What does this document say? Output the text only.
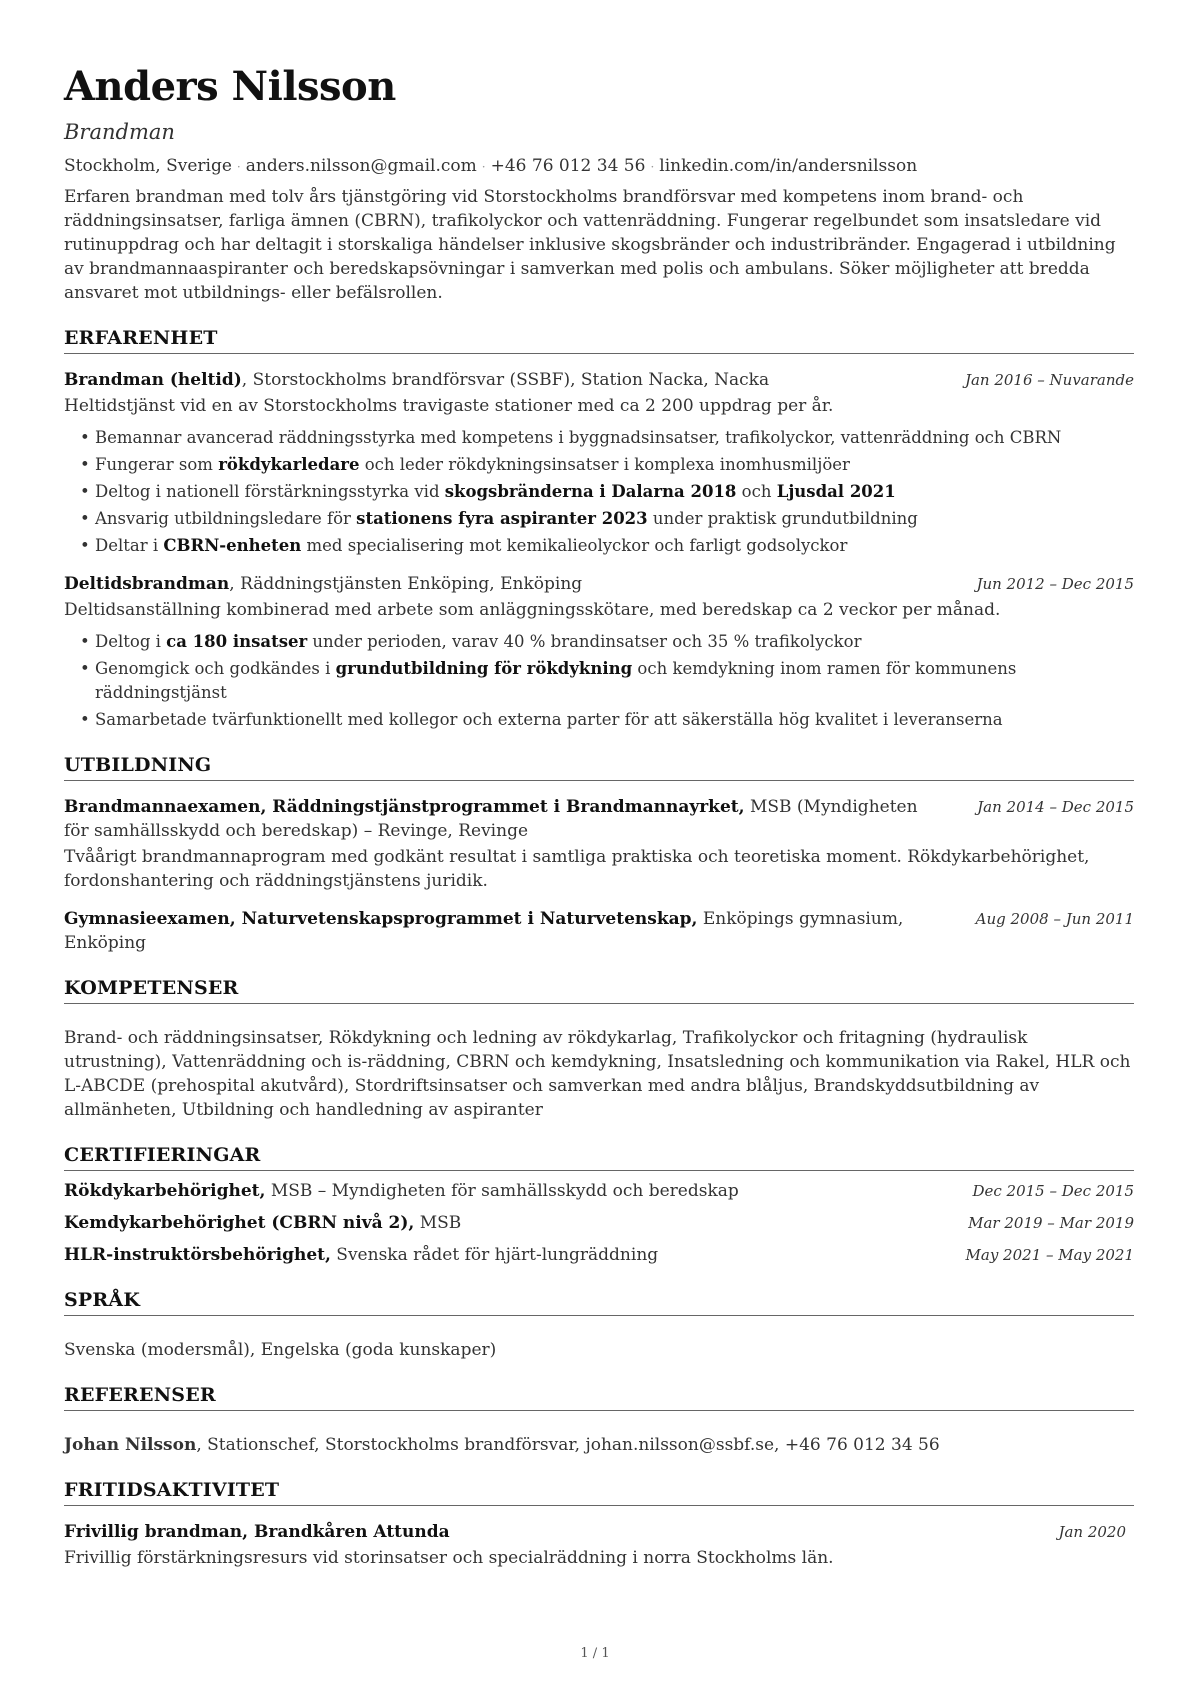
Anders Nilsson
Brandman
Stockholm, Sverige · anders.nilsson@gmail.com · +46 76 012 34 56 · linkedin.com/in/andersnilsson
Erfaren brandman med tolv års tjänstgöring vid Storstockholms brandförsvar med kompetens inom brand- och räddningsinsatser, farliga ämnen (CBRN), trafikolyckor och vattenräddning. Fungerar regelbundet som insatsledare vid rutinuppdrag och har deltagit i storskaliga händelser inklusive skogsbränder och industribränder. Engagerad i utbildning av brandmannaaspiranter och beredskapsövningar i samverkan med polis och ambulans. Söker möjligheter att bredda ansvaret mot utbildnings- eller befälsrollen.
ERFARENHET
Brandman (heltid), Storstockholms brandförsvar (SSBF), Station Nacka, Nacka	Jan 2016 – Nuvarande
Heltidstjänst vid en av Storstockholms travigaste stationer med ca 2 200 uppdrag per år.
• Bemannar avancerad räddningsstyrka med kompetens i byggnadsinsatser, trafikolyckor, vattenräddning och CBRN
• Fungerar som rökdykarledare och leder rökdykningsinsatser i komplexa inomhusmiljöer
• Deltog i nationell förstärkningsstyrka vid skogsbränderna i Dalarna 2018 och Ljusdal 2021
• Ansvarig utbildningsledare för stationens fyra aspiranter 2023 under praktisk grundutbildning
• Deltar i CBRN-enheten med specialisering mot kemikalieolyckor och farligt godsolyckor
Deltidsbrandman, Räddningstjänsten Enköping, Enköping	Jun 2012 – Dec 2015
Deltidsanställning kombinerad med arbete som anläggningsskötare, med beredskap ca 2 veckor per månad.
• Deltog i ca 180 insatser under perioden, varav 40 % brandinsatser och 35 % trafikolyckor
• Genomgick och godkändes i grundutbildning för rökdykning och kemdykning inom ramen för kommunens räddningstjänst
• Samarbetade tvärfunktionellt med kollegor och externa parter för att säkerställa hög kvalitet i leveranserna
UTBILDNING
Brandmannaexamen, Räddningstjänstprogrammet i Brandmannayrket, MSB (Myndigheten för samhällsskydd och beredskap) – Revinge, Revinge
Jan 2014 – Dec 2015
Tvåårigt brandmannaprogram med godkänt resultat i samtliga praktiska och teoretiska moment. Rökdykarbehörighet, fordonshantering och räddningstjänstens juridik.
Gymnasieexamen, Naturvetenskapsprogrammet i Naturvetenskap, Enköpings gymnasium, Enköping
Aug 2008 – Jun 2011
KOMPETENSER
Brand- och räddningsinsatser, Rökdykning och ledning av rökdykarlag, Trafikolyckor och fritagning (hydraulisk utrustning), Vattenräddning och is-räddning, CBRN och kemdykning, Insatsledning och kommunikation via Rakel, HLR och L-ABCDE (prehospital akutvård), Stordriftsinsatser och samverkan med andra blåljus, Brandskyddsutbildning av allmänheten, Utbildning och handledning av aspiranter
CERTIFIERINGAR
Rökdykarbehörighet, MSB – Myndigheten för samhällsskydd och beredskap	Dec 2015 – Dec 2015
Kemdykarbehörighet (CBRN nivå 2), MSB	Mar 2019 – Mar 2019
HLR-instruktörsbehörighet, Svenska rådet för hjärt-lungräddning	May 2021 – May 2021
SPRÅK
Svenska (modersmål), Engelska (goda kunskaper)
REFERENSER
Johan Nilsson, Stationschef, Storstockholms brandförsvar, johan.nilsson@ssbf.se, +46 76 012 34 56
FRITIDSAKTIVITET
Frivillig brandman, Brandkåren Attunda	Jan 2020
Frivillig förstärkningsresurs vid storinsatser och specialräddning i norra Stockholms län.
1 / 1
